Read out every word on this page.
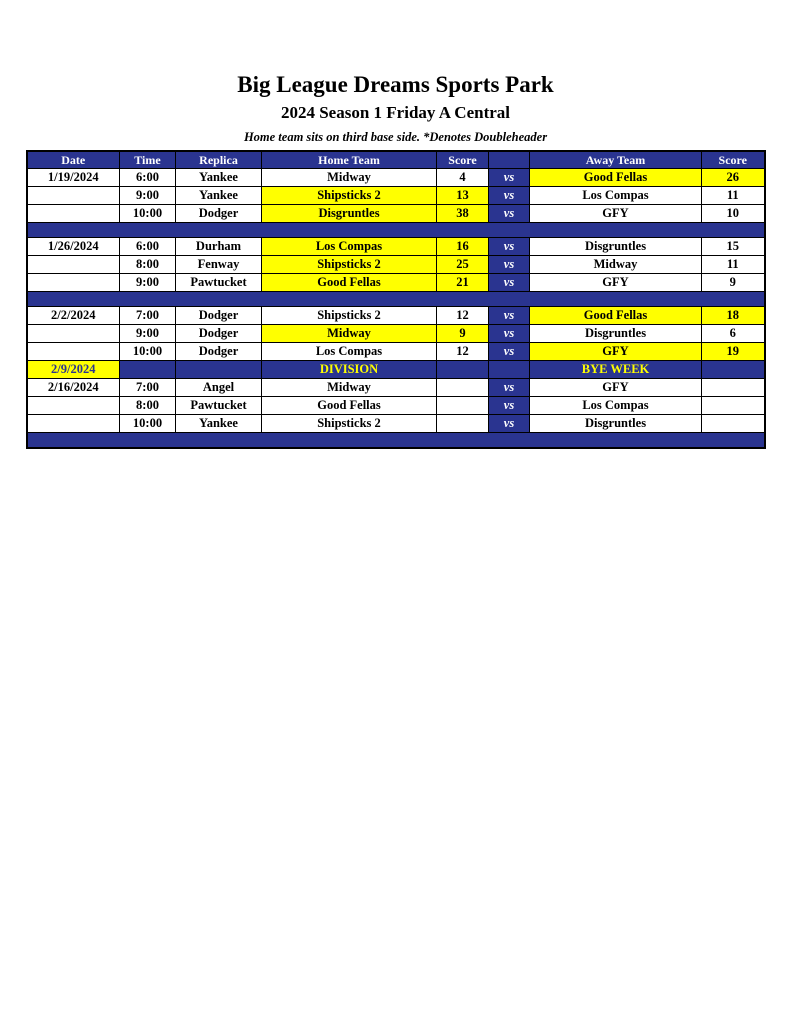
Big League Dreams Sports Park
2024 Season 1 Friday A Central
Home team sits on third base side. *Denotes Doubleheader
Date	Time	Replica	Home Team	Score		Away Team	Score
1/19/2024	6:00	Yankee	Midway	4	vs	Good Fellas	26
	9:00	Yankee	Shipsticks 2	13	vs	Los Compas	11
	10:00	Dodger	Disgruntles	38	vs	GFY	10

1/26/2024	6:00	Durham	Los Compas	16	vs	Disgruntles	15
	8:00	Fenway	Shipsticks 2	25	vs	Midway	11
	9:00	Pawtucket	Good Fellas	21	vs	GFY	9

2/2/2024	7:00	Dodger	Shipsticks 2	12	vs	Good Fellas	18
	9:00	Dodger	Midway	9	vs	Disgruntles	6
	10:00	Dodger	Los Compas	12	vs	GFY	19
2/9/2024			DIVISION			BYE WEEK	
2/16/2024	7:00	Angel	Midway		vs	GFY	
	8:00	Pawtucket	Good Fellas		vs	Los Compas	
	10:00	Yankee	Shipsticks 2		vs	Disgruntles	
